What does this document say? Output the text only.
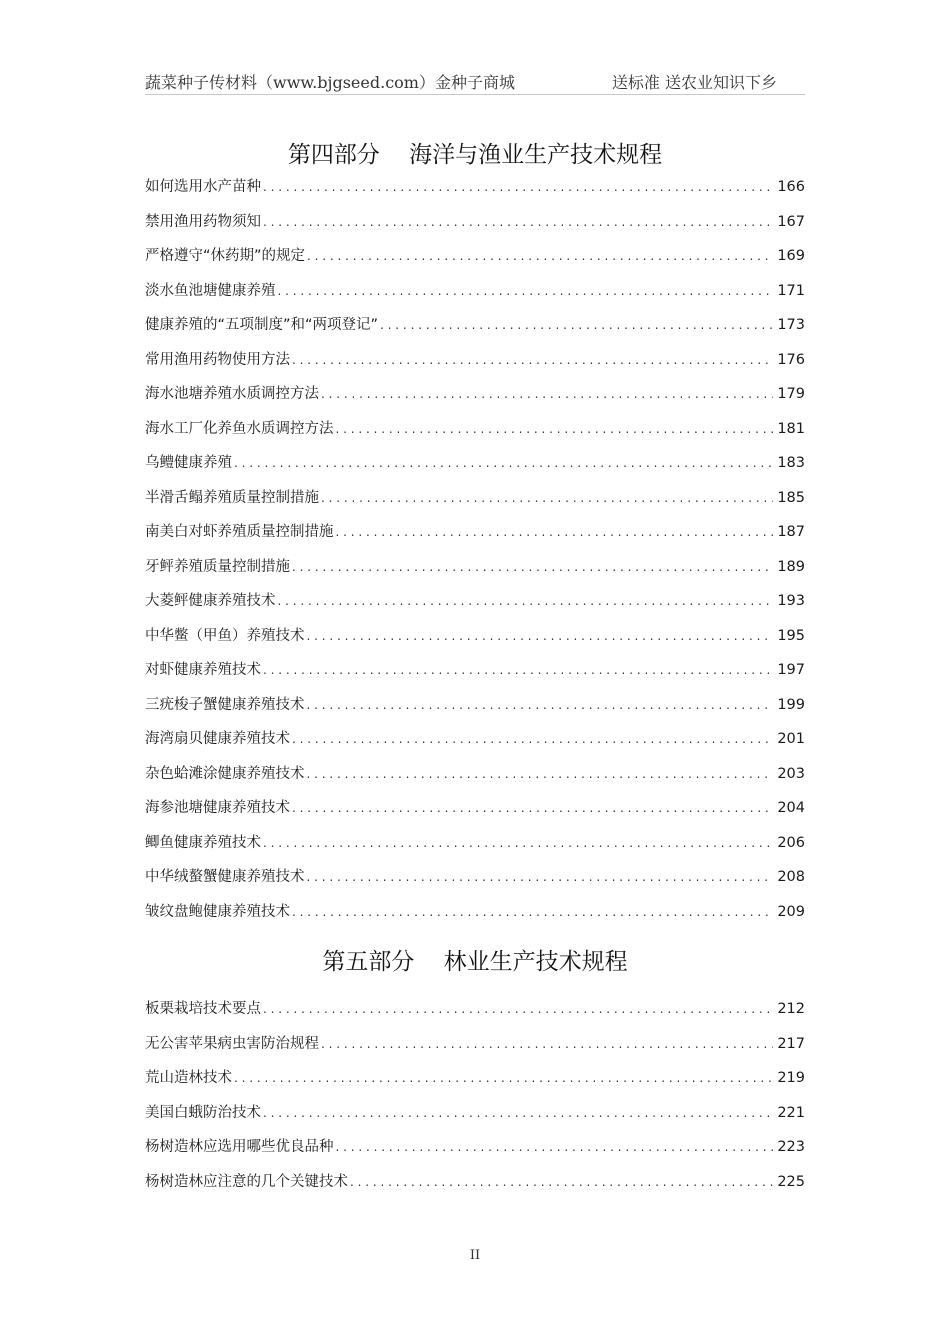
蔬菜种子传材料（www.bjgseed.com）金种子商城	送标准 送农业知识下乡
第四部分    海洋与渔业生产技术规程
如何选用水产苗种 . . .	166
禁用渔用药物须知 . . .	167
严格遵守“休药期”的规定 . . .	169
淡水鱼池塘健康养殖 . . .	171
健康养殖的“五项制度”和“两项登记” . . .	173
常用渔用药物使用方法 . . .	176
海水池塘养殖水质调控方法 . . .	179
海水工厂化养鱼水质调控方法 . . .	181
乌鳢健康养殖 . . .	183
半滑舌鳎养殖质量控制措施 . . .	185
南美白对虾养殖质量控制措施 . . .	187
牙鲆养殖质量控制措施 . . .	189
大菱鲆健康养殖技术 . . .	193
中华鳖（甲鱼）养殖技术 . . .	195
对虾健康养殖技术 . . .	197
三疣梭子蟹健康养殖技术 . . .	199
海湾扇贝健康养殖技术 . . .	201
杂色蛤滩涂健康养殖技术 . . .	203
海参池塘健康养殖技术 . . .	204
鲫鱼健康养殖技术 . . .	206
中华绒螯蟹健康养殖技术 . . .	208
皱纹盘鲍健康养殖技术 . . .	209
第五部分    林业生产技术规程
板栗栽培技术要点 . . .	212
无公害苹果病虫害防治规程 . . .	217
荒山造林技术 . . .	219
美国白蛾防治技术 . . .	221
杨树造林应选用哪些优良品种 . . .	223
杨树造林应注意的几个关键技术 . . .	225
II
